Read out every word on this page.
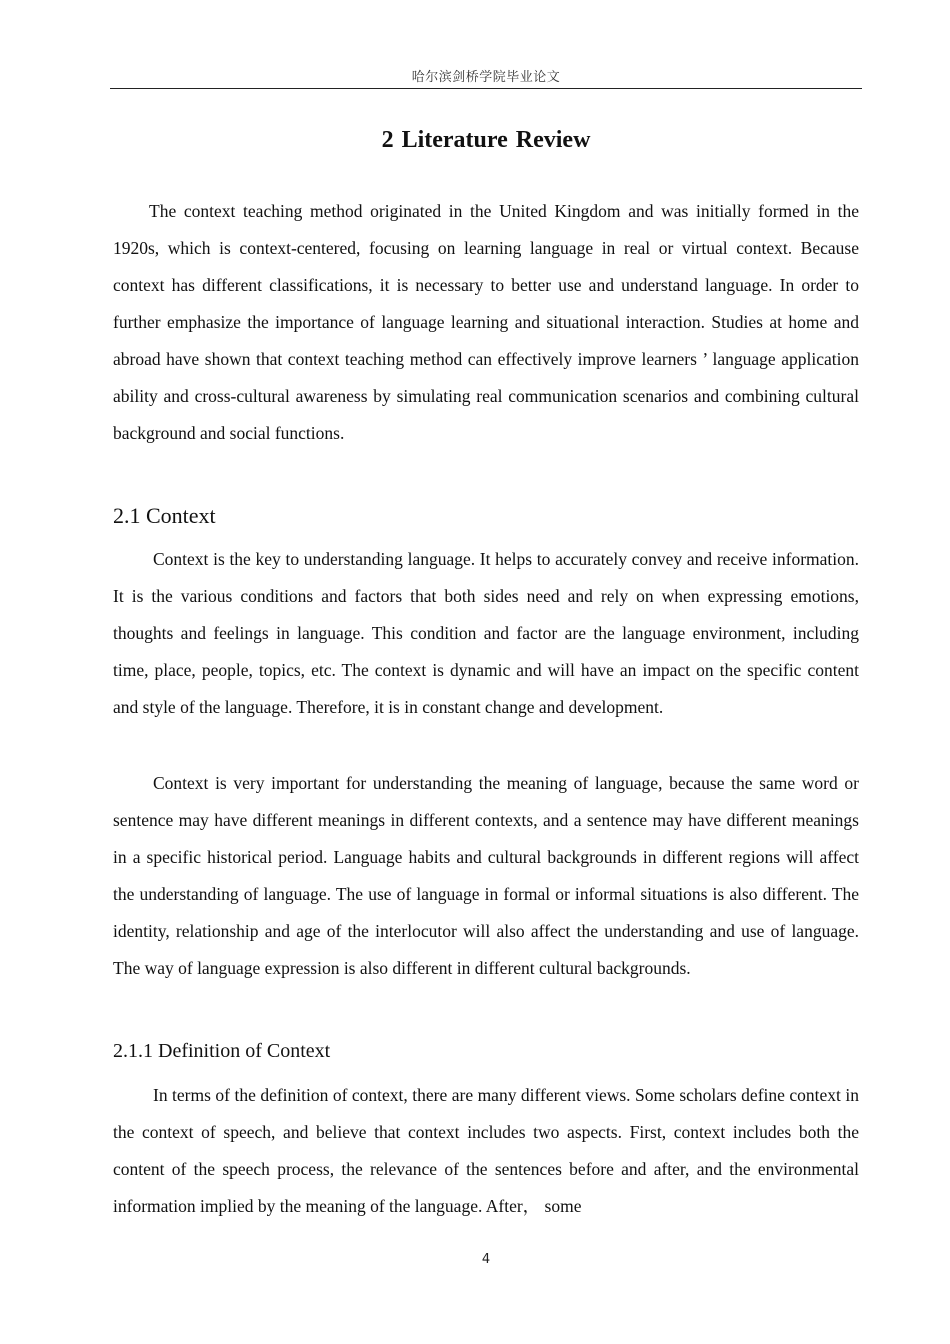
哈尔滨剑桥学院毕业论文
2 Literature Review

The context teaching method originated in the United Kingdom and was initially formed in the 1920s, which is context-centered, focusing on learning language in real or virtual context. Because context has different classifications, it is necessary to better use and understand language. In order to further emphasize the importance of language learning and situational interaction. Studies at home and abroad have shown that context teaching method can effectively improve learners ’ language application ability and cross-cultural awareness by simulating real communication scenarios and combining cultural background and social functions.

2.1 Context

Context is the key to understanding language. It helps to accurately convey and receive information. It is the various conditions and factors that both sides need and rely on when expressing emotions, thoughts and feelings in language. This condition and factor are the language environment, including time, place, people, topics, etc. The context is dynamic and will have an impact on the specific content and style of the language. Therefore, it is in constant change and development.

Context is very important for understanding the meaning of language, because the same word or sentence may have different meanings in different contexts, and a sentence may have different meanings in a specific historical period. Language habits and cultural backgrounds in different regions will affect the understanding of language. The use of language in formal or informal situations is also different. The identity, relationship and age of the interlocutor will also affect the understanding and use of language. The way of language expression is also different in different cultural backgrounds.

2.1.1 Definition of Context

In terms of the definition of context, there are many different views. Some scholars define context in the context of speech, and believe that context includes two aspects. First, context includes both the content of the speech process, the relevance of the sentences before and after, and the environmental information implied by the meaning of the language. After， some

4
